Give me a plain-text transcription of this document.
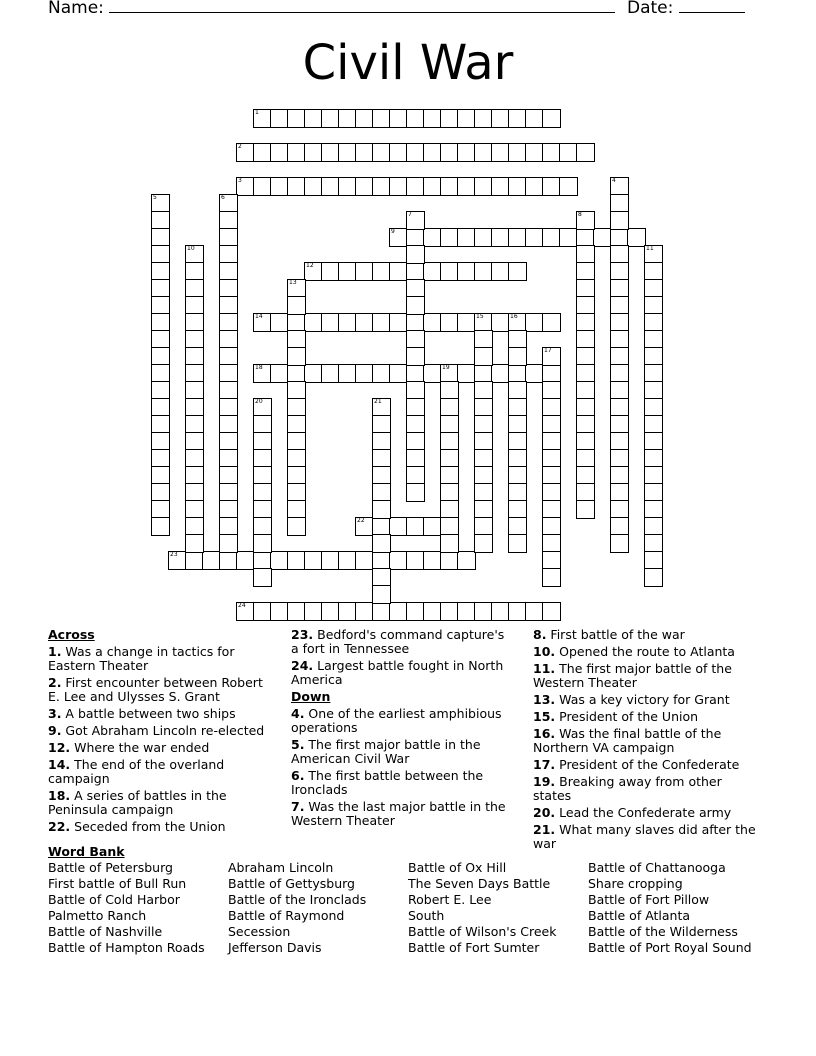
Name:	Date:
Civil War
1
2
3
9
12
14	15	16
18	19
22
23
24
4
5	6
7	8
10	11
13
17
20	21
Across
1. Was a change in tactics for Eastern Theater
2. First encounter between Robert E. Lee and Ulysses S. Grant
3. A battle between two ships
9. Got Abraham Lincoln re-elected
12. Where the war ended
14. The end of the overland campaign
18. A series of battles in the Peninsula campaign
22. Seceded from the Union
23. Bedford's command capture's a fort in Tennessee
24. Largest battle fought in North America
Down
4. One of the earliest amphibious operations
5. The first major battle in the American Civil War
6. The first battle between the Ironclads
7. Was the last major battle in the Western Theater
8. First battle of the war
10. Opened the route to Atlanta
11. The first major battle of the Western Theater
13. Was a key victory for Grant
15. President of the Union
16. Was the final battle of the Northern VA campaign
17. President of the Confederate
19. Breaking away from other states
20. Lead the Confederate army
21. What many slaves did after the war
Word Bank
Battle of Petersburg
First battle of Bull Run
Battle of Cold Harbor
Palmetto Ranch
Battle of Nashville
Battle of Hampton Roads
Abraham Lincoln
Battle of Gettysburg
Battle of the Ironclads
Battle of Raymond
Secession
Jefferson Davis
Battle of Ox Hill
The Seven Days Battle
Robert E. Lee
South
Battle of Wilson's Creek
Battle of Fort Sumter
Battle of Chattanooga
Share cropping
Battle of Fort Pillow
Battle of Atlanta
Battle of the Wilderness
Battle of Port Royal Sound
